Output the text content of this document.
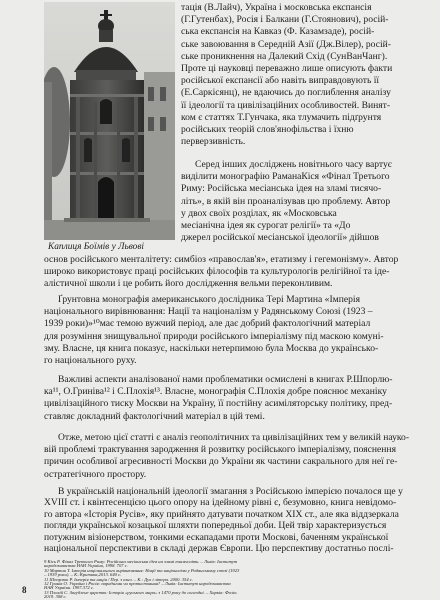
Каплиця Боїмів у Львові
тація (В.Лайч), Україна і московська експансія
(Г.Гутенбах), Росія і Балкани (Г.Стоянович), росій-
ська експансія на Кавказ (Ф. Казамзаде), росій-
ське завоювання в Середній Азії (Дж.Вілер), росій-
ське проникнення на Далекий Схід (СунВанЧанг).
Проте ці науковці переважно лише описують факти
російської експансії або навіть виправдовують її
(Е.Саркісянц), не вдаючись до поглиблення аналізу
її ідеології та цивілізаційних особливостей. Винят-
ком є статтях Т.Гунчака, яка тлумачить підґрунтя
російських теорій слов'янофільства і їхню
перверзивність.
Серед інших досліджень новітнього часу вартує
виділити монографію РаманаКіся «Фінал Третього
Риму: Російська месіанська ідея на зламі тисячо-
літь», в якій він проаналізував цю проблему. Автор
у двох своїх розділах, як «Московська
месіанічна ідея як сурогат релігії» та «До
джерел російської месіанської ідеології» дійшов
основ російського менталітету: симбіоз «православ'я», етатизму і гегемонізму». Автор
широко використовує праці російських філософів та культурологів релігійної та іде-
алістичної школи і це робить його дослідження вельми переконливим.
Ґрунтовна монографія американського дослідника Тері Мартина «Імперія
національного вирівнювання: Нації та націоналізм у Радянському Союзі (1923 –
1939 роки)»¹⁰має темою вужчий період, але дає добрий фактологічний матеріал
для розуміння знищувальної природи російського імперіалізму під маскою комуні-
зму. Власне, ця книга показує, наскільки нетерпимою була Москва до українсько-
го національного руху.
Важливі аспекти аналізованої нами проблематики осмислені в книгах Р.Шпорлю-
ка¹¹, О.Гриніва¹² і С.Плохія¹³. Власне, монографія С.Плохія добре пояснює механіку
цивілізаційного тиску Москви на Україну, її постійну асиміляторську політику, пред-
ставляє докладний фактологічний матеріал в цій темі.
Отже, метою цієї статті є аналіз геополітичних та цивілізаційних тем у великій науко-
вій проблемі трактування зародження й розвитку російського імперіалізму, пояснення
причин особливої агресивності Москви до України як частини сакрального для неї ге-
остратегічного простору.
В українській національній ідеології змагання з Російською імперією почалося ще у
XVIII ст. і квінтесенцією цього опору на ідейному рівні є, безумовно, книга невідомо-
го автора «Історія Русів», яку прийнято датувати початком XIX ст., але яка віддзеркала
погляди української козацької шляхти попередньої доби. Цей твір характеризується
потужним візіонерством, тонкими ескападами проти Москові, баченням української
національної перспективи в складі держав Європи. Цю перспективу достатньо послі-
9 Кісь Р. Фінал Третього Риму: Російська месіанська ідея на зламі тисячоліть. – Львів: Інститут
народознавства НАН України, 1998. 707 с.
10 Мартин Т. Імперія національного вирівнювання: Нації та націоналізм у Радянському союзі (1923
– 1939 роки). – К.:Критика,2013. 640 с.
11 Шпорлюк Р. Імперія та нація / Пер. з англ. – К.: Дух і літера. 2000. 354 с.
12 Гринів О. Україна і Росія: парадигми чи протистояння? – Львів: Інститут народознавства
НАН України. 1997.372 с.
13 Плохій С. Загублене царство: Історія «руського мира» з 1470 року до сьогодні. – Харків: Фоліо.
2019. 308 с.
8
